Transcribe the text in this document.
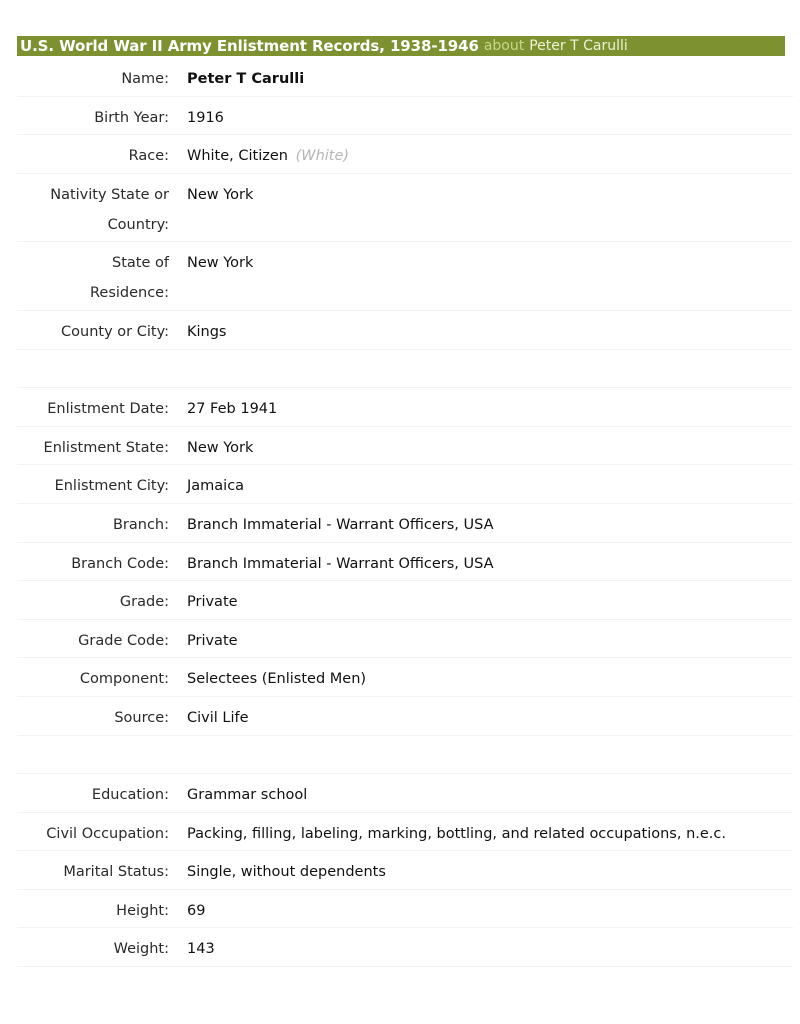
U.S. World War II Army Enlistment Records, 1938-1946 about Peter T Carulli
Name: Peter T Carulli
Birth Year: 1916
Race: White, Citizen (White)
Nativity State or
Country:
New York
State of
Residence:
New York
County or City: Kings
Enlistment Date: 27 Feb 1941
Enlistment State: New York
Enlistment City: Jamaica
Branch: Branch Immaterial - Warrant Officers, USA
Branch Code: Branch Immaterial - Warrant Officers, USA
Grade: Private
Grade Code: Private
Component: Selectees (Enlisted Men)
Source: Civil Life
Education: Grammar school
Civil Occupation: Packing, filling, labeling, marking, bottling, and related occupations, n.e.c.
Marital Status: Single, without dependents
Height: 69
Weight: 143
